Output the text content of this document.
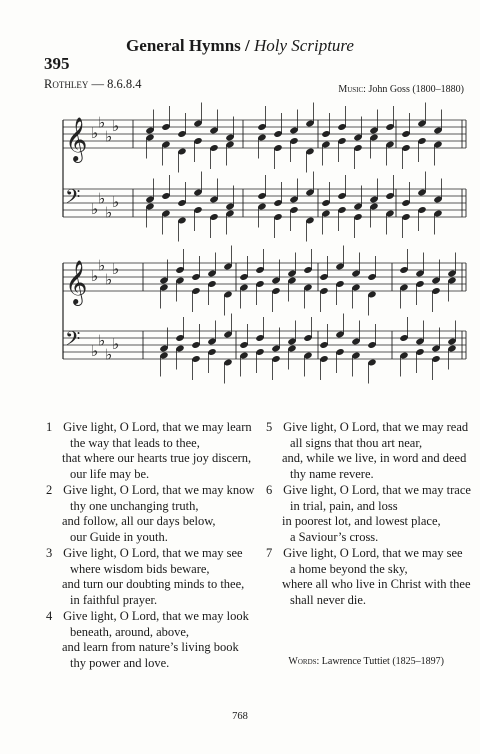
General Hymns / Holy Scripture
395
Rothley — 8.6.8.4	Music: John Goss (1800–1880)
𝄞 ♭
♭
♭
♭
𝄢 ♭
♭
♭
♭
𝄞 ♭
♭
♭
♭
𝄢 ♭
♭
♭
♭
1 Give light, O Lord, that we may learn
the way that leads to thee,
that where our hearts true joy discern,
our life may be.
2 Give light, O Lord, that we may know
thy one unchanging truth,
and follow, all our days below,
our Guide in youth.
3 Give light, O Lord, that we may see
where wisdom bids beware,
and turn our doubting minds to thee,
in faithful prayer.
4 Give light, O Lord, that we may look
beneath, around, above,
and learn from nature’s living book
thy power and love.
5 Give light, O Lord, that we may read
all signs that thou art near,
and, while we live, in word and deed
thy name revere.
6 Give light, O Lord, that we may trace
in trial, pain, and loss
in poorest lot, and lowest place,
a Saviour’s cross.
7 Give light, O Lord, that we may see
a home beyond the sky,
where all who live in Christ with thee
shall never die.
Words: Lawrence Tuttiet (1825–1897)
768
